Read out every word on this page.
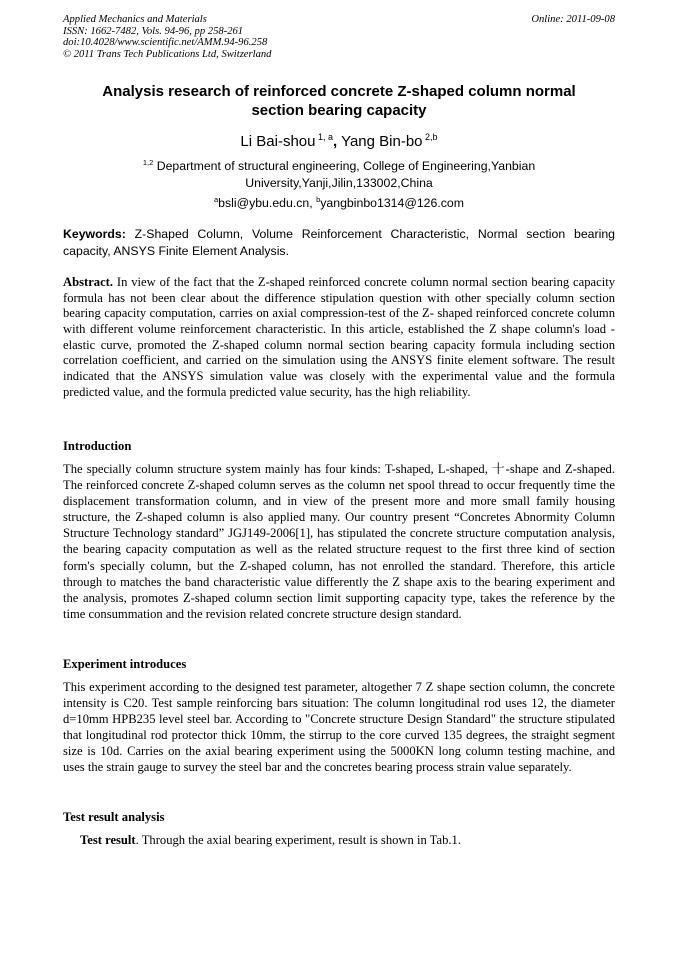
Applied Mechanics and Materials
ISSN: 1662-7482, Vols. 94-96, pp 258-261
doi:10.4028/www.scientific.net/AMM.94-96.258
© 2011 Trans Tech Publications Ltd, Switzerland
Online: 2011-09-08
Analysis research of reinforced concrete Z-shaped column normal
section bearing capacity
Li Bai-shou $^{1, a}$, Yang Bin-bo $^{2,b}$
$^{1,2}$ Department of structural engineering, College of Engineering,Yanbian
University,Yanji,Jilin,133002,China
$^a$bsli@ybu.edu.cn, $^b$yangbinbo1314@126.com
Keywords: Z-Shaped Column, Volume Reinforcement Characteristic, Normal section bearing capacity, ANSYS Finite Element Analysis.
Abstract. In view of the fact that the Z-shaped reinforced concrete column normal section bearing capacity formula has not been clear about the difference stipulation question with other specially column section bearing capacity computation, carries on axial compression-test of the Z- shaped reinforced concrete column with different volume reinforcement characteristic. In this article, established the Z shape column's load - elastic curve, promoted the Z-shaped column normal section bearing capacity formula including section correlation coefficient, and carried on the simulation using the ANSYS finite element software. The result indicated that the ANSYS simulation value was closely with the experimental value and the formula predicted value, and the formula predicted value security, has the high reliability.
Introduction
The specially column structure system mainly has four kinds: T-shaped, L-shaped, 十-shape and Z-shaped. The reinforced concrete Z-shaped column serves as the column net spool thread to occur frequently time the displacement transformation column, and in view of the present more and more small family housing structure, the Z-shaped column is also applied many. Our country present “Concretes Abnormity Column Structure Technology standard” JGJ149-2006[1], has stipulated the concrete structure computation analysis, the bearing capacity computation as well as the related structure request to the first three kind of section form's specially column, but the Z-shaped column, has not enrolled the standard. Therefore, this article through to matches the band characteristic value differently the Z shape axis to the bearing experiment and the analysis, promotes Z-shaped column section limit supporting capacity type, takes the reference by the time consummation and the revision related concrete structure design standard.
Experiment introduces
This experiment according to the designed test parameter, altogether 7 Z shape section column, the concrete intensity is C20. Test sample reinforcing bars situation: The column longitudinal rod uses 12, the diameter d=10mm HPB235 level steel bar. According to "Concrete structure Design Standard" the structure stipulated that longitudinal rod protector thick 10mm, the stirrup to the core curved 135 degrees, the straight segment size is 10d. Carries on the axial bearing experiment using the 5000KN long column testing machine, and uses the strain gauge to survey the steel bar and the concretes bearing process strain value separately.
Test result analysis
Test result. Through the axial bearing experiment, result is shown in Tab.1.
